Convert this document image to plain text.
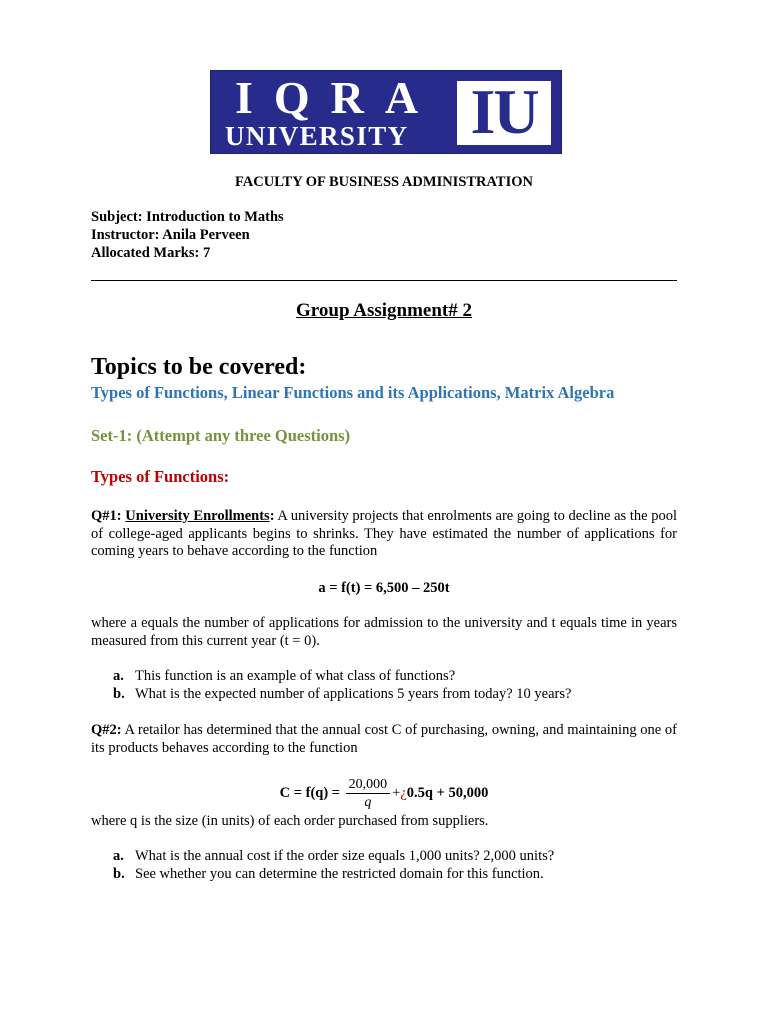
IQRA
UNIVERSITY IU
FACULTY OF BUSINESS ADMINISTRATION
Subject: Introduction to Maths
Instructor: Anila Perveen
Allocated Marks: 7
Group Assignment# 2
Topics to be covered:
Types of Functions, Linear Functions and its Applications, Matrix Algebra
Set-1: (Attempt any three Questions)
Types of Functions:
Q#1: University Enrollments: A university projects that enrolments are going to decline as the pool of college-aged applicants begins to shrinks. They have estimated the number of applications for coming years to behave according to the function
a = f(t) = 6,500 – 250t
where a equals the number of applications for admission to the university and t equals time in years measured from this current year (t = 0).
a. This function is an example of what class of functions?
b. What is the expected number of applications 5 years from today? 10 years?
Q#2: A retailor has determined that the annual cost C of purchasing, owning, and maintaining one of its products behaves according to the function
$C = f(q) = \frac{20,000}{q}$ +¿0.5q + 50,000
where q is the size (in units) of each order purchased from suppliers.
a. What is the annual cost if the order size equals 1,000 units? 2,000 units?
b. See whether you can determine the restricted domain for this function.
